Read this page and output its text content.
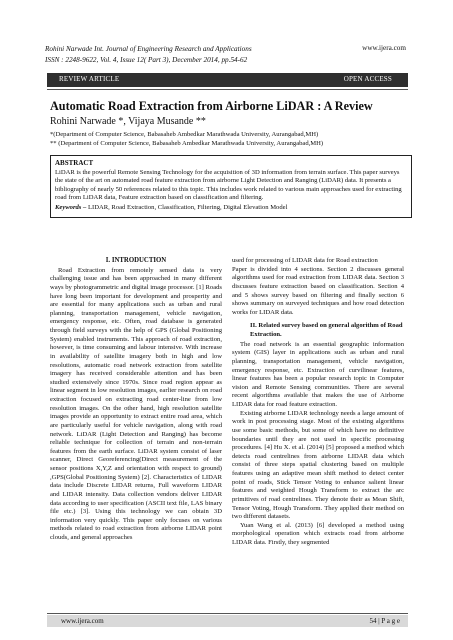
Rohini Narwade Int. Journal of Engineering Research and Applications
ISSN : 2248-9622, Vol. 4, Issue 12( Part 3), December 2014, pp.54-62
www.ijera.com
REVIEW ARTICLE	OPEN ACCESS
Automatic Road Extraction from Airborne LiDAR : A Review
Rohini Narwade *, Vijaya Musande **
*(Department of Computer Science, Babasaheb Ambedkar Marathwada University, Aurangabad,MH)
** (Department of Computer Science, Babasaheb Ambedkar Marathwada University, Aurangabad,MH)
ABSTRACT
LiDAR is the powerful Remote Sensing Technology for the acquisition of 3D information from terrain surface. This paper surveys the state of the art on automated road feature extraction from airborne Light Detection and Ranging (LiDAR) data. It presents a bibliography of nearly 50 references related to this topic. This includes work related to various main approaches used for extracting road from LiDAR data, Feature extraction based on classification and filtering.
Keywords – LIDAR, Road Extraction, Classification, Filtering, Digital Elevation Model
I. INTRODUCTION

Road Extraction from remotely sensed data is very challenging issue and has been approached in many different ways by photogrammetric and digital image processor. [1] Roads have long been important for development and prosperity and are essential for many applications such as urban and rural planning, transportation management, vehicle navigation, emergency response, etc. Often, road database is generated through field surveys with the help of GPS (Global Positioning System) enabled instruments. This approach of road extraction, however, is time consuming and labour intensive. With increase in availability of satellite imagery both in high and low resolutions, automatic road network extraction from satellite imagery has received considerable attention and has been studied extensively since 1970s. Since road region appear as linear segment in low resolution images, earlier research on road extraction focused on extracting road center-line from low resolution images. On the other hand, high resolution satellite images provide an opportunity to extract entire road area, which are particularly useful for vehicle navigation, along with road network. LiDAR (Light Detection and Ranging) has become reliable technique for collection of terrain and non-terrain features from the earth surface. LiDAR system consist of laser scanner, Direct Georeferencing(Direct measurement of the sensor positions X,Y,Z and orientation with respect to ground) ,GPS(Global Positioning System) [2]. Characteristics of LIDAR data include Discrete LIDAR returns, Full waveform LIDAR and LIDAR intensity. Data collection vendors deliver LIDAR data according to user specification (ASCII text file, LAS binary file etc.) [3]. Using this technology we can obtain 3D information very quickly. This paper only focuses on various methods related to road extraction from airborne LIDAR point clouds, and general approaches

used for processing of LIDAR data for Road extraction

Paper is divided into 4 sections. Section 2 discusses general algorithms used for road extraction from LIDAR data. Section 3 discusses feature extraction based on classification. Section 4 and 5 shows survey based on filtering and finally section 6 shows summary on surveyed techniques and how road detection works for LIDAR data.

II. Related survey based on general algorithm of Road Extraction.

The road network is an essential geographic information system (GIS) layer in applications such as urban and rural planning, transportation management, vehicle navigation, emergency response, etc. Extraction of curvilinear features, linear features has been a popular research topic in Computer vision and Remote Sensing communities. There are several recent algorithms available that makes the use of Airborne LIDAR data for road feature extraction.

Existing airborne LIDAR technology needs a large amount of work in post processing stage. Most of the existing algorithms use some basic methods, but some of which have no definitive boundaries until they are not used in specific processing procedures. [4] Hu X. et al. (2014) [5] proposed a method which detects road centrelines from airborne LIDAR data which consist of three steps spatial clustering based on multiple features using an adaptive mean shift method to detect center point of roads, Stick Tensor Voting to enhance salient linear features and weighted Hough Transform to extract the arc primitives of road centrelines. They denote their as Mean Shift, Tensor Voting, Hough Transform. They applied their method on two different datasets.

Yuan Wang et al. (2013) [6] developed a method using morphological operation which extracts road from airborne LIDAR data. Firstly, they segmented

www.ijera.com	54 | P a g e
